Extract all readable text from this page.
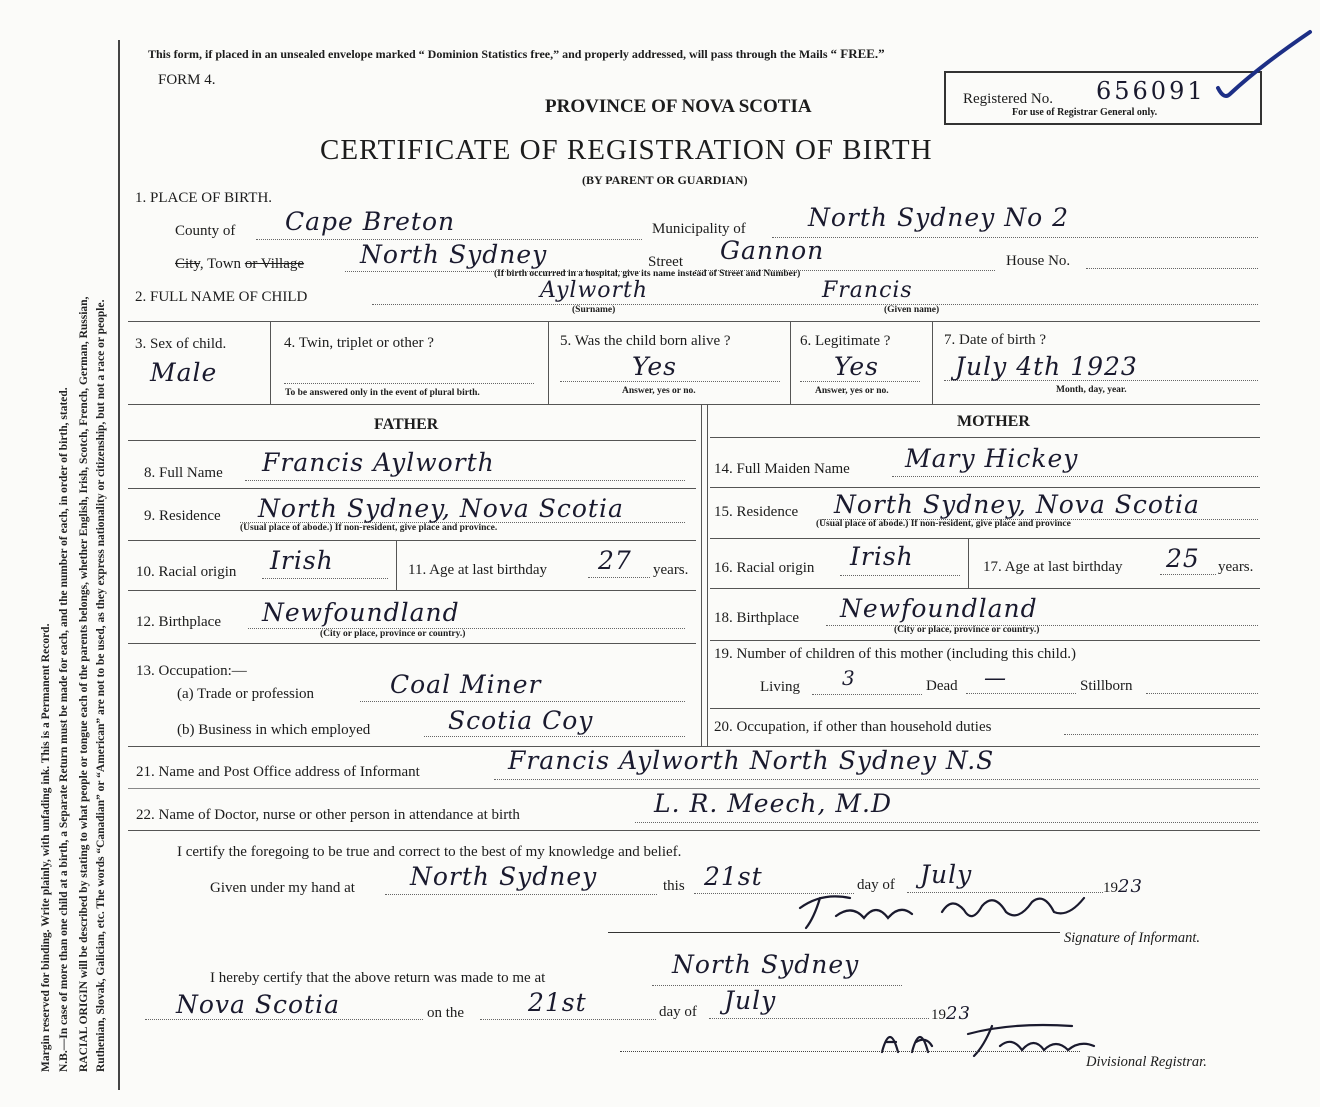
Margin reserved for binding. Write plainly, with unfading ink. This is a Permanent Record. N.B.—In case of more than one child at a birth, a Separate Return must be made for each, and the number of each, in order of birth, stated. RACIAL ORIGIN will be described by stating to what people or tongue each of the parents belongs, whether English, Irish, Scotch, French, German, Russian, Ruthenian, Slovak, Galician, etc. The words “Canadian” or “American” are not to be used, as they express nationality or citizenship, but not a race or people.
This form, if placed in an unsealed envelope marked “ Dominion Statistics free,” and properly addressed, will pass through the Mails “ FREE.”
FORM 4.
PROVINCE OF NOVA SCOTIA
CERTIFICATE OF REGISTRATION OF BIRTH
(BY PARENT OR GUARDIAN)
Registered No. 656091
For use of Registrar General only.
1. PLACE OF BIRTH.
County of Cape Breton	Municipality of North Sydney No 2
City, Town or Village North Sydney	Street Gannon	House No.
(If birth occurred in a hospital, give its name instead of Street and Number)
2. FULL NAME OF CHILD	Aylworth
(Surname)
Francis
(Given name)
3. Sex of child.
Male
4. Twin, triplet or other ?
To be answered only in the event of plural birth.
5. Was the child born alive ?
Yes
Answer, yes or no.
6. Legitimate ?
Yes
Answer, yes or no.
7. Date of birth ?
July 4th 1923
Month, day, year.
FATHER	MOTHER
8. Full Name Francis Aylworth
9. Residence North Sydney, Nova Scotia
(Usual place of abode.) If non-resident, give place and province.
10. Racial origin Irish	11. Age at last birthday 27 years.
12. Birthplace Newfoundland
(City or place, province or country.)
13. Occupation:—
(a) Trade or profession	Coal Miner
(b) Business in which employed	Scotia Coy
14. Full Maiden Name Mary Hickey
15. Residence North Sydney, Nova Scotia
(Usual place of abode.) If non-resident, give place and province
16. Racial origin Irish	17. Age at last birthday 25 years.
18. Birthplace Newfoundland
(City or place, province or country.)
19. Number of children of this mother (including this child.)
Living 3	Dead —	Stillborn
20. Occupation, if other than household duties
21. Name and Post Office address of Informant	Francis Aylworth North Sydney N.S
22. Name of Doctor, nurse or other person in attendance at birth	L. R. Meech, M.D
I certify the foregoing to be true and correct to the best of my knowledge and belief.
Given under my hand at North Sydney	this 21st	day of July	1923
Signature of Informant.
I hereby certify that the above return was made to me at	North Sydney
Nova Scotia	on the	21st	day of July	1923
Divisional Registrar.
